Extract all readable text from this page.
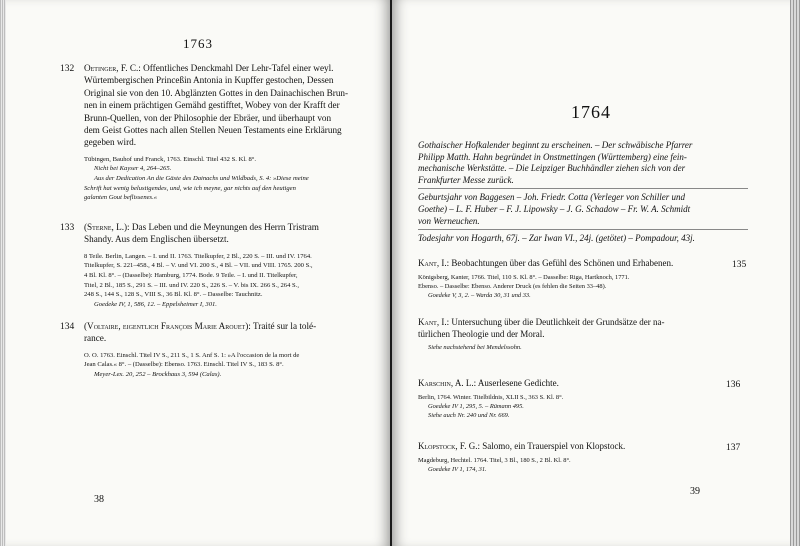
1763
132 Oetinger, F. C.: Offentliches Denckmahl Der Lehr-Tafel einer weyl.
Würtembergischen Princeßin Antonia in Kupffer gestochen, Dessen
Original sie von den 10. Abglänzten Gottes in den Dainachischen Brun-
nen in einem prächtigen Gemähd gestifftet, Wobey von der Krafft der
Brunn-Quellen, von der Philosophie der Ebräer, und überhaupt von
dem Geist Gottes nach allen Stellen Neuen Testaments eine Erklärung
gegeben wird.
Tübingen, Bauhof und Franck, 1763. Einschl. Titel 432 S. Kl. 8°.
Nicht bei Kayser 4, 264–265.
Aus der Dedication An die Gäste des Dainachs und Wildbads, S. 4: »Diese meine
Schrift hat wenig belustigendes, und, wie ich meyne, gar nichts auf den heutigen
galanten Gout beflissenes.«
133 (Sterne, L.): Das Leben und die Meynungen des Herrn Tristram
Shandy. Aus dem Englischen übersetzt.
8 Teile. Berlin, Langen. – I. und II. 1763. Titelkupfer, 2 Bl., 220 S. – III. und IV. 1764.
Titelkupfer, S. 221–458., 4 Bl. – V. und VI. 200 S., 4 Bl. – VII. und VIII. 1765. 200 S.,
4 Bl. Kl. 8°. – (Dasselbe): Hamburg, 1774. Bode. 9 Teile. – I. und II. Titelkupfer,
Titel, 2 Bl., 185 S., 291 S. – III. und IV. 220 S., 226 S. – V. bis IX. 266 S., 264 S.,
248 S., 144 S., 128 S., VIII S., 36 Bl. Kl. 8°. – Dasselbe: Tauchnitz.
Goedeke IV, 1, 586, 12. – Eppelsheimer I, 301.
134 (Voltaire, eigentlich François Marie Arouet): Traité sur la tolé-
rance.
O. O. 1763. Einschl. Titel IV S., 211 S., 1 S. Anf S. 1: »A l'occasion de la mort de
Jean Calas.« 8°. – (Dasselbe): Ebenso. 1763. Einschl. Titel IV S., 183 S. 8°.
Meyer-Lex. 20, 252 – Brockhaus 3, 594 (Calas).
38
1764
Gothaischer Hofkalender beginnt zu erscheinen. – Der schwäbische Pfarrer
Philipp Matth. Hahn begründet in Onstmettingen (Württemberg) eine fein-
mechanische Werkstätte. – Die Leipziger Buchhändler ziehen sich von der
Frankfurter Messe zurück.
Geburtsjahr von Baggesen – Joh. Friedr. Cotta (Verleger von Schiller und
Goethe) – L. F. Huber – F. J. Lipowsky – J. G. Schadow – Fr. W. A. Schmidt
von Werneuchen.
Todesjahr von Hogarth, 67j. – Zar Iwan VI., 24j. (getötet) – Pompadour, 43j.
Kant, I.: Beobachtungen über das Gefühl des Schönen und Erhabenen.
Königsberg, Kanter, 1766. Titel, 110 S. Kl. 8°. – Dasselbe: Riga, Hartknoch, 1771.
Ebenso. – Dasselbe: Ebenso. Anderer Druck (es fehlen die Seiten 33–48).
Goedeke V, 3, 2. – Warda 30, 31 und 33.
135
Kant, I.: Untersuchung über die Deutlichkeit der Grundsätze der na-
türlichen Theologie und der Moral.
Siehe nachstehend bei Mendelssohn.
Karschin, A. L.: Auserlesene Gedichte.
Berlin, 1764. Winter. Titelbildnis, XLII S., 363 S. Kl. 8°.
Goedeke IV 1, 295, 5. – Rümann 495.
Siehe auch Nr. 240 und Nr. 669.
136
Klopstock, F. G.: Salomo, ein Trauerspiel von Klopstock.
Magdeburg, Hechtel. 1764. Titel, 3 Bl., 180 S., 2 Bl. Kl. 8°.
Goedeke IV 1, 174, 31.
137
39
